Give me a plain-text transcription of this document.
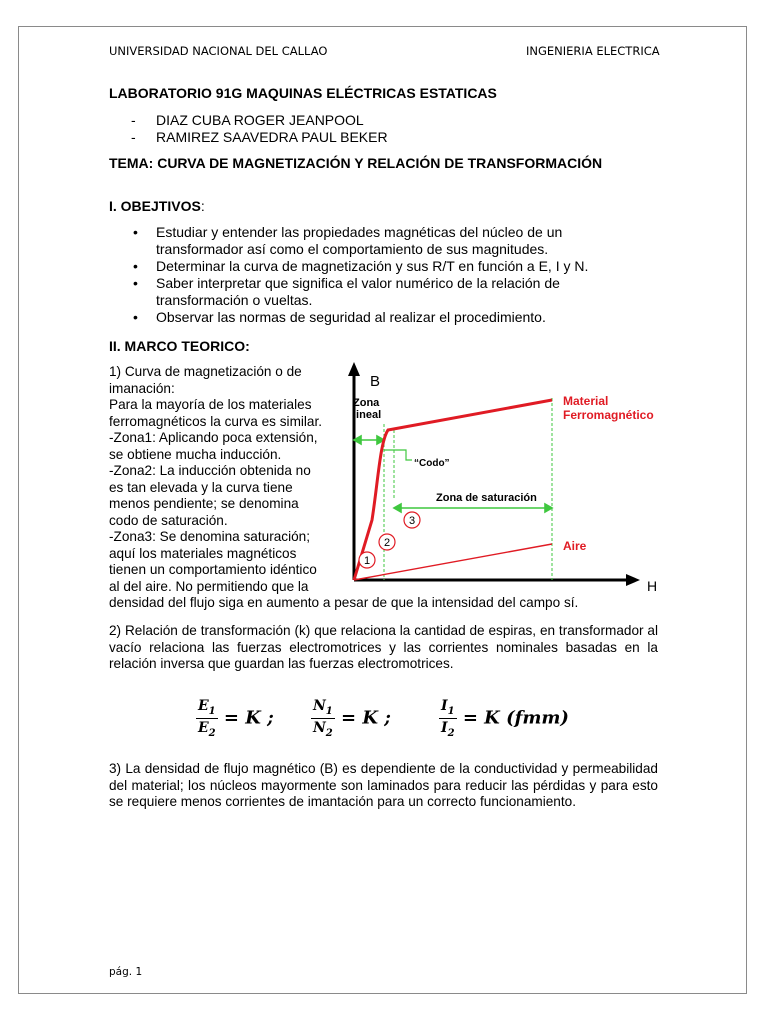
UNIVERSIDAD NACIONAL DEL CALLAO	INGENIERIA ELECTRICA
LABORATORIO 91G MAQUINAS ELÉCTRICAS ESTATICAS
- DIAZ CUBA ROGER JEANPOOL
- RAMIREZ SAAVEDRA PAUL BEKER
TEMA: CURVA DE MAGNETIZACIÓN Y RELACIÓN DE TRANSFORMACIÓN
I. OBEJTIVOS:
• Estudiar y entender las propiedades magnéticas del núcleo de un transformador así como el comportamiento de sus magnitudes.
• Determinar la curva de magnetización y sus R/T en función a E, I y N.
• Saber interpretar que significa el valor numérico de la relación de transformación o vueltas.
• Observar las normas de seguridad al realizar el procedimiento.
II. MARCO TEORICO:
1) Curva de magnetización o de
imanación:
Para la mayoría de los materiales
ferromagnéticos la curva es similar.
-Zona1: Aplicando poca extensión,
se obtiene mucha inducción.
-Zona2: La inducción obtenida no
es tan elevada y la curva tiene
menos pendiente; se denomina
codo de saturación.
-Zona3: Se denomina saturación;
aquí los materiales magnéticos
tienen un comportamiento idéntico
al del aire. No permitiendo que la
densidad del flujo siga en aumento a pesar de que la intensidad del campo sí.
B
H
1
2
3
Zona
lineal
Material
Ferromagnético
“Codo”
Zona de saturación
Aire
2) Relación de transformación (k) que relaciona la cantidad de espiras, en transformador al vacío relaciona las fuerzas electromotrices y las corrientes nominales basadas en la relación inversa que guardan las fuerzas electromotrices.
$\frac{E_1}{E_2} = K$ ;	$\frac{N_1}{N_2} = K$ ;	$\frac{I_1}{I_2} = K$ (fmm)
3) La densidad de flujo magnético (B) es dependiente de la conductividad y permeabilidad del material; los núcleos mayormente son laminados para reducir las pérdidas y para esto se requiere menos corrientes de imantación para un correcto funcionamiento.
pág. 1
